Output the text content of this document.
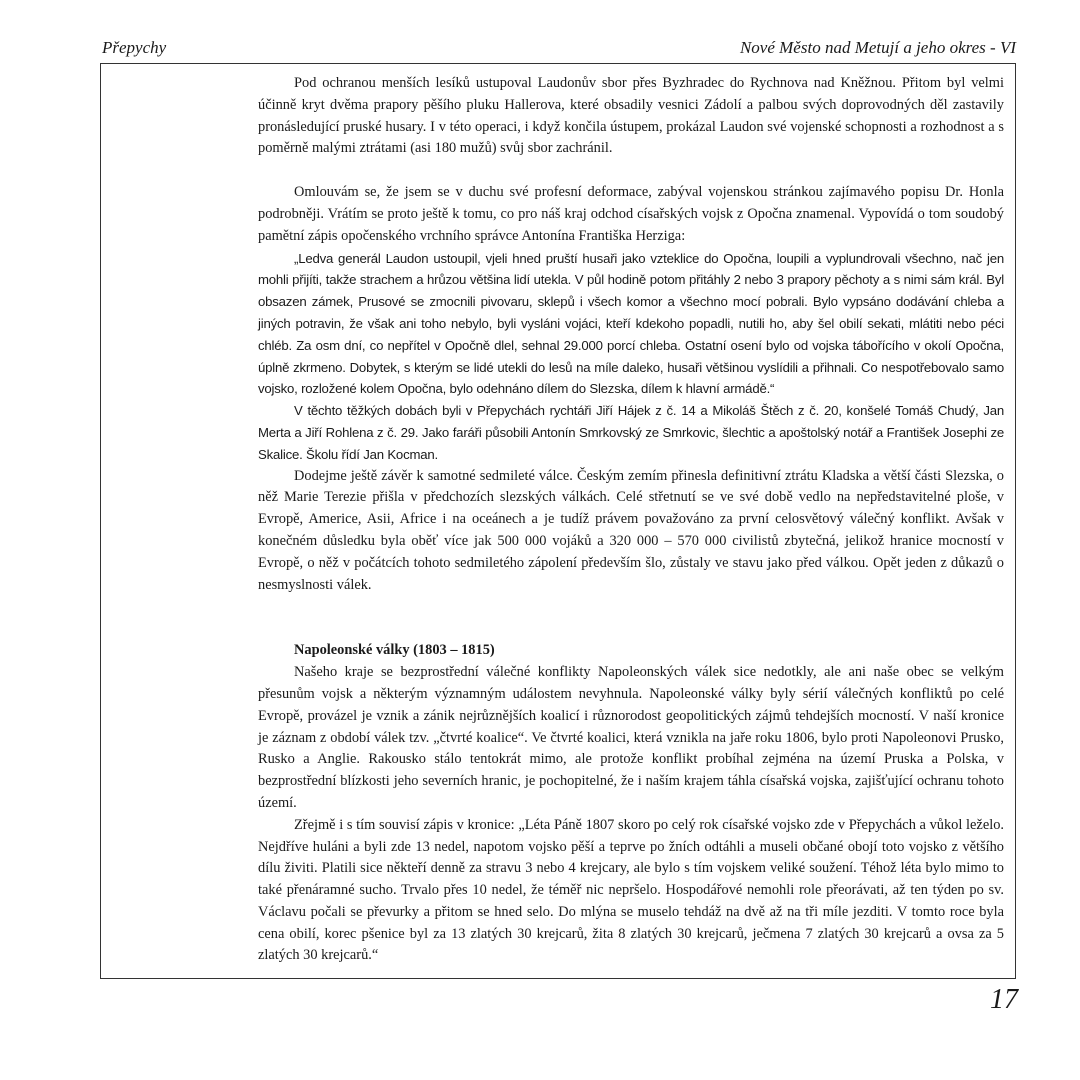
Přepychy	Nové Město nad Metují a jeho okres - VI

Pod ochranou menších lesíků ustupoval Laudonův sbor přes Byzhradec do Rychnova nad Kněžnou. Přitom byl velmi účinně kryt dvěma prapory pěšího pluku Hallerova, které obsadily vesnici Zádolí a palbou svých doprovodných děl zastavily pronásledující pruské husary. I v této operaci, i když končila ústupem, prokázal Laudon své vojenské schopnosti a rozhodnost a s poměrně malými ztrátami (asi 180 mužů) svůj sbor zachránil.

Omlouvám se, že jsem se v duchu své profesní deformace, zabýval vojenskou stránkou zajímavého popisu Dr. Honla podrobněji. Vrátím se proto ještě k tomu, co pro náš kraj odchod císařských vojsk z Opočna znamenal. Vypovídá o tom soudobý pamětní zápis opočenského vrchního správce Antonína Františka Herziga:

„Ledva generál Laudon ustoupil, vjeli hned pruští husaři jako vzteklice do Opočna, loupili a vyplundrovali všechno, nač jen mohli přijíti, takže strachem a hrůzou většina lidí utekla. V půl hodině potom přitáhly 2 nebo 3 prapory pěchoty a s nimi sám král. Byl obsazen zámek, Prusové se zmocnili pivovaru, sklepů i všech komor a všechno mocí pobrali. Bylo vypsáno dodávání chleba a jiných potravin, že však ani toho nebylo, byli vysláni vojáci, kteří kdekoho popadli, nutili ho, aby šel obilí sekati, mlátiti nebo péci chléb. Za osm dní, co nepřítel v Opočně dlel, sehnal 29.000 porcí chleba. Ostatní osení bylo od vojska tábořícího v okolí Opočna, úplně zkrmeno. Dobytek, s kterým se lidé utekli do lesů na míle daleko, husaři většinou vyslídili a přihnali. Co nespotřebovalo samo vojsko, rozložené kolem Opočna, bylo odehnáno dílem do Slezska, dílem k hlavní armádě.“

V těchto těžkých dobách byli v Přepychách rychtáři Jiří Hájek z č. 14 a Mikoláš Štěch z č. 20, konšelé Tomáš Chudý, Jan Merta a Jiří Rohlena z č. 29. Jako faráři působili Antonín Smrkovský ze Smrkovic, šlechtic a apoštolský notář a František Josephi ze Skalice. Školu řídí Jan Kocman.

Dodejme ještě závěr k samotné sedmileté válce. Českým zemím přinesla definitivní ztrátu Kladska a větší části Slezska, o něž Marie Terezie přišla v předchozích slezských válkách. Celé střetnutí se ve své době vedlo na nepředstavitelné ploše, v Evropě, Americe, Asii, Africe i na oceánech a je tudíž právem považováno za první celosvětový válečný konflikt. Avšak v konečném důsledku byla oběť více jak 500 000 vojáků a 320 000 – 570 000 civilistů zbytečná, jelikož hranice mocností v Evropě, o něž v počátcích tohoto sedmiletého zápolení především šlo, zůstaly ve stavu jako před válkou. Opět jeden z důkazů o nesmyslnosti válek.

Napoleonské války (1803 – 1815)

Našeho kraje se bezprostřední válečné konflikty Napoleonských válek sice nedotkly, ale ani naše obec se velkým přesunům vojsk a některým významným událostem nevyhnula. Napoleonské války byly sérií válečných konfliktů po celé Evropě, provázel je vznik a zánik nejrůznějších koalicí i různorodost geopolitických zájmů tehdejších mocností. V naší kronice je záznam z období válek tzv. „čtvrté koalice“. Ve čtvrté koalici, která vznikla na jaře roku 1806, bylo proti Napoleonovi Prusko, Rusko a Anglie. Rakousko stálo tentokrát mimo, ale protože konflikt probíhal zejména na území Pruska a Polska, v bezprostřední blízkosti jeho severních hranic, je pochopitelné, že i naším krajem táhla císařská vojska, zajišťující ochranu tohoto území.

Zřejmě i s tím souvisí zápis v kronice: „Léta Páně 1807 skoro po celý rok císařské vojsko zde v Přepychách a vůkol leželo. Nejdříve huláni a byli zde 13 nedel, napotom vojsko pěší a teprve po žních odtáhli a museli občané obojí toto vojsko z většího dílu živiti. Platili sice někteří denně za stravu 3 nebo 4 krejcary, ale bylo s tím vojskem veliké soužení. Téhož léta bylo mimo to také přenáramné sucho. Trvalo přes 10 nedel, že téměř nic nepršelo. Hospodářové nemohli role přeorávati, až ten týden po sv. Václavu počali se převurky a přitom se hned selo. Do mlýna se muselo tehdáž na dvě až na tři míle jezditi. V tomto roce byla cena obilí, korec pšenice byl za 13 zlatých 30 krejcarů, žita 8 zlatých 30 krejcarů, ječmena 7 zlatých 30 krejcarů a ovsa za 5 zlatých 30 krejcarů.“

17
